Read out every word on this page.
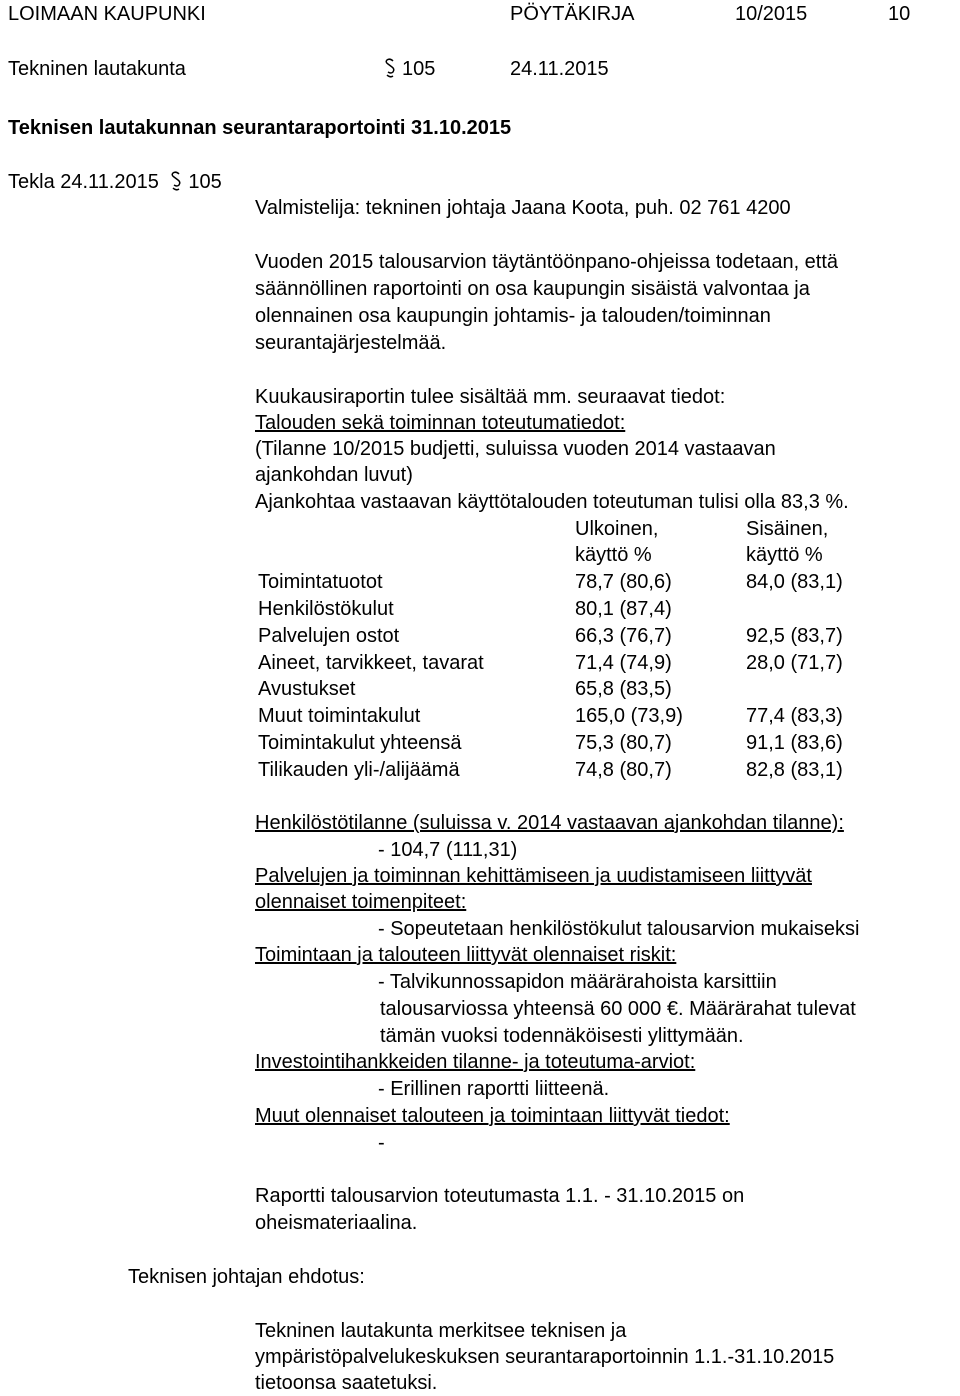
LOIMAAN KAUPUNKI	PÖYTÄKIRJA	10/2015	10
Tekninen lautakunta	105	24.11.2015
Teknisen lautakunnan seurantaraportointi 31.10.2015
Tekla 24.11.2015 105
Valmistelija: tekninen johtaja Jaana Koota, puh. 02 761 4200
Vuoden 2015 talousarvion täytäntöönpano-ohjeissa todetaan, että
säännöllinen raportointi on osa kaupungin sisäistä valvontaa ja
olennainen osa kaupungin johtamis- ja talouden/toiminnan
seurantajärjestelmää.
Kuukausiraportin tulee sisältää mm. seuraavat tiedot:
Talouden sekä toiminnan toteutumatiedot:
(Tilanne 10/2015 budjetti, suluissa vuoden 2014 vastaavan
ajankohdan luvut)
Ajankohtaa vastaavan käyttötalouden toteutuman tulisi olla 83,3 %.
Ulkoinen,
käyttö %
Sisäinen,
käyttö %
Toimintatuotot	78,7 (80,6)	84,0 (83,1)
Henkilöstökulut	80,1 (87,4)
Palvelujen ostot	66,3 (76,7)	92,5 (83,7)
Aineet, tarvikkeet, tavarat	71,4 (74,9)	28,0 (71,7)
Avustukset	65,8 (83,5)
Muut toimintakulut	165,0 (73,9)	77,4 (83,3)
Toimintakulut yhteensä	75,3 (80,7)	91,1 (83,6)
Tilikauden yli-/alijäämä	74,8 (80,7)	82,8 (83,1)
Henkilöstötilanne (suluissa v. 2014 vastaavan ajankohdan tilanne):
- 104,7 (111,31)
Palvelujen ja toiminnan kehittämiseen ja uudistamiseen liittyvät
olennaiset toimenpiteet:
- Sopeutetaan henkilöstökulut talousarvion mukaiseksi
Toimintaan ja talouteen liittyvät olennaiset riskit:
- Talvikunnossapidon määrärahoista karsittiin
talousarviossa yhteensä 60 000 €. Määrärahat tulevat
tämän vuoksi todennäköisesti ylittymään.
Investointihankkeiden tilanne- ja toteutuma-arviot:
- Erillinen raportti liitteenä.
Muut olennaiset talouteen ja toimintaan liittyvät tiedot:
-
Raportti talousarvion toteutumasta 1.1. - 31.10.2015 on
oheismateriaalina.
Teknisen johtajan ehdotus:
Tekninen lautakunta merkitsee teknisen ja
ympäristöpalvelukeskuksen seurantaraportoinnin 1.1.-31.10.2015
tietoonsa saatetuksi.
